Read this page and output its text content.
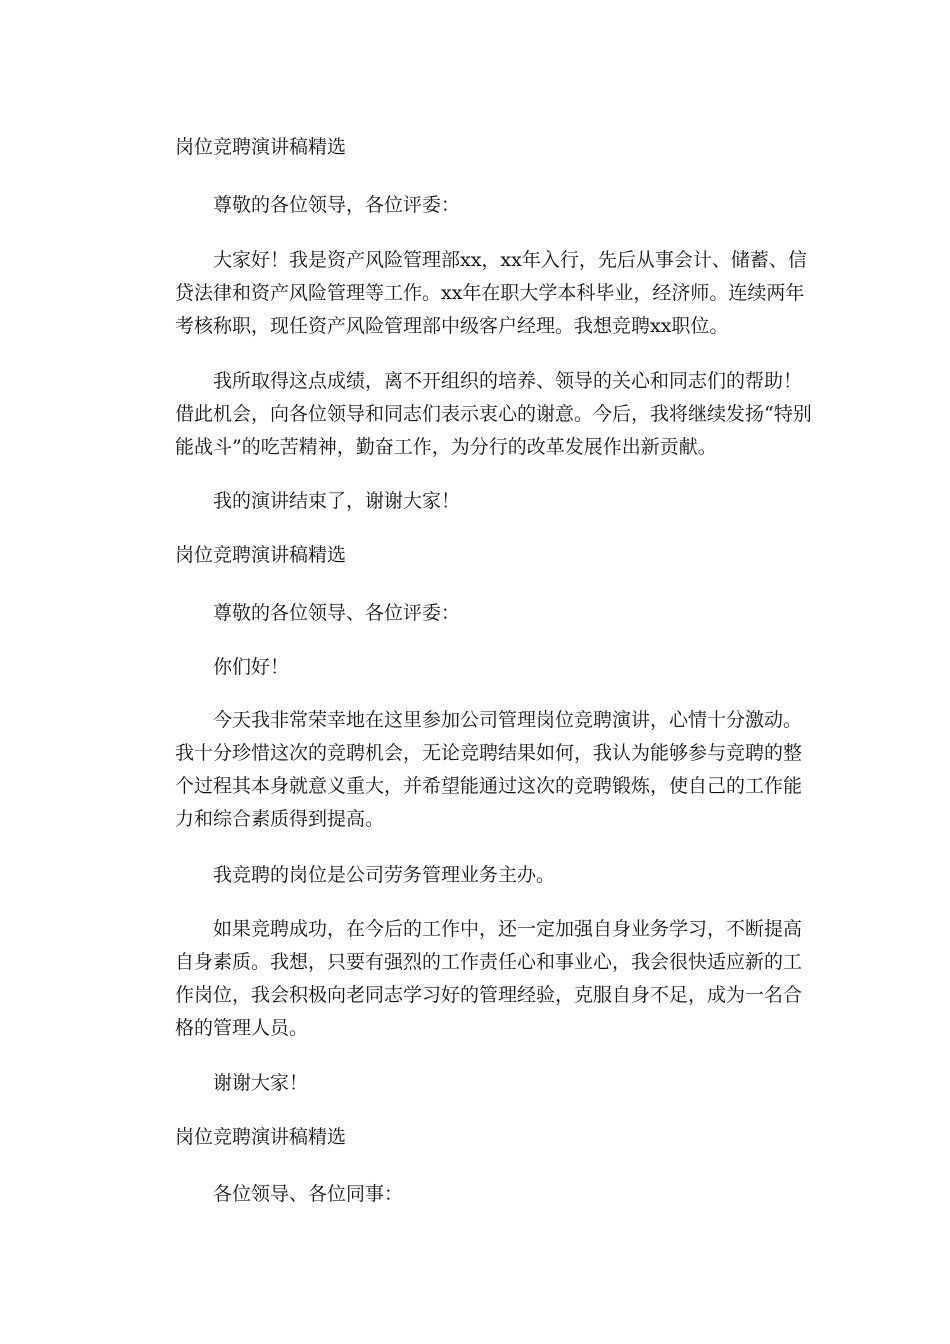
岗位竞聘演讲稿精选

尊敬的各位领导，各位评委：

大家好！我是资产风险管理部xx，xx年入行，先后从事会计、储蓄、信贷法律和资产风险管理等工作。xx年在职大学本科毕业，经济师。连续两年考核称职，现任资产风险管理部中级客户经理。我想竞聘xx职位。

我所取得这点成绩，离不开组织的培养、领导的关心和同志们的帮助！借此机会，向各位领导和同志们表示衷心的谢意。今后，我将继续发扬“特别能战斗”的吃苦精神，勤奋工作，为分行的改革发展作出新贡献。

我的演讲结束了，谢谢大家！

岗位竞聘演讲稿精选

尊敬的各位领导、各位评委：

你们好！

今天我非常荣幸地在这里参加公司管理岗位竞聘演讲，心情十分激动。我十分珍惜这次的竞聘机会，无论竞聘结果如何，我认为能够参与竞聘的整个过程其本身就意义重大，并希望能通过这次的竞聘锻炼，使自己的工作能力和综合素质得到提高。

我竞聘的岗位是公司劳务管理业务主办。

如果竞聘成功，在今后的工作中，还一定加强自身业务学习，不断提高自身素质。我想，只要有强烈的工作责任心和事业心，我会很快适应新的工作岗位，我会积极向老同志学习好的管理经验，克服自身不足，成为一名合格的管理人员。

谢谢大家！

岗位竞聘演讲稿精选

各位领导、各位同事：
